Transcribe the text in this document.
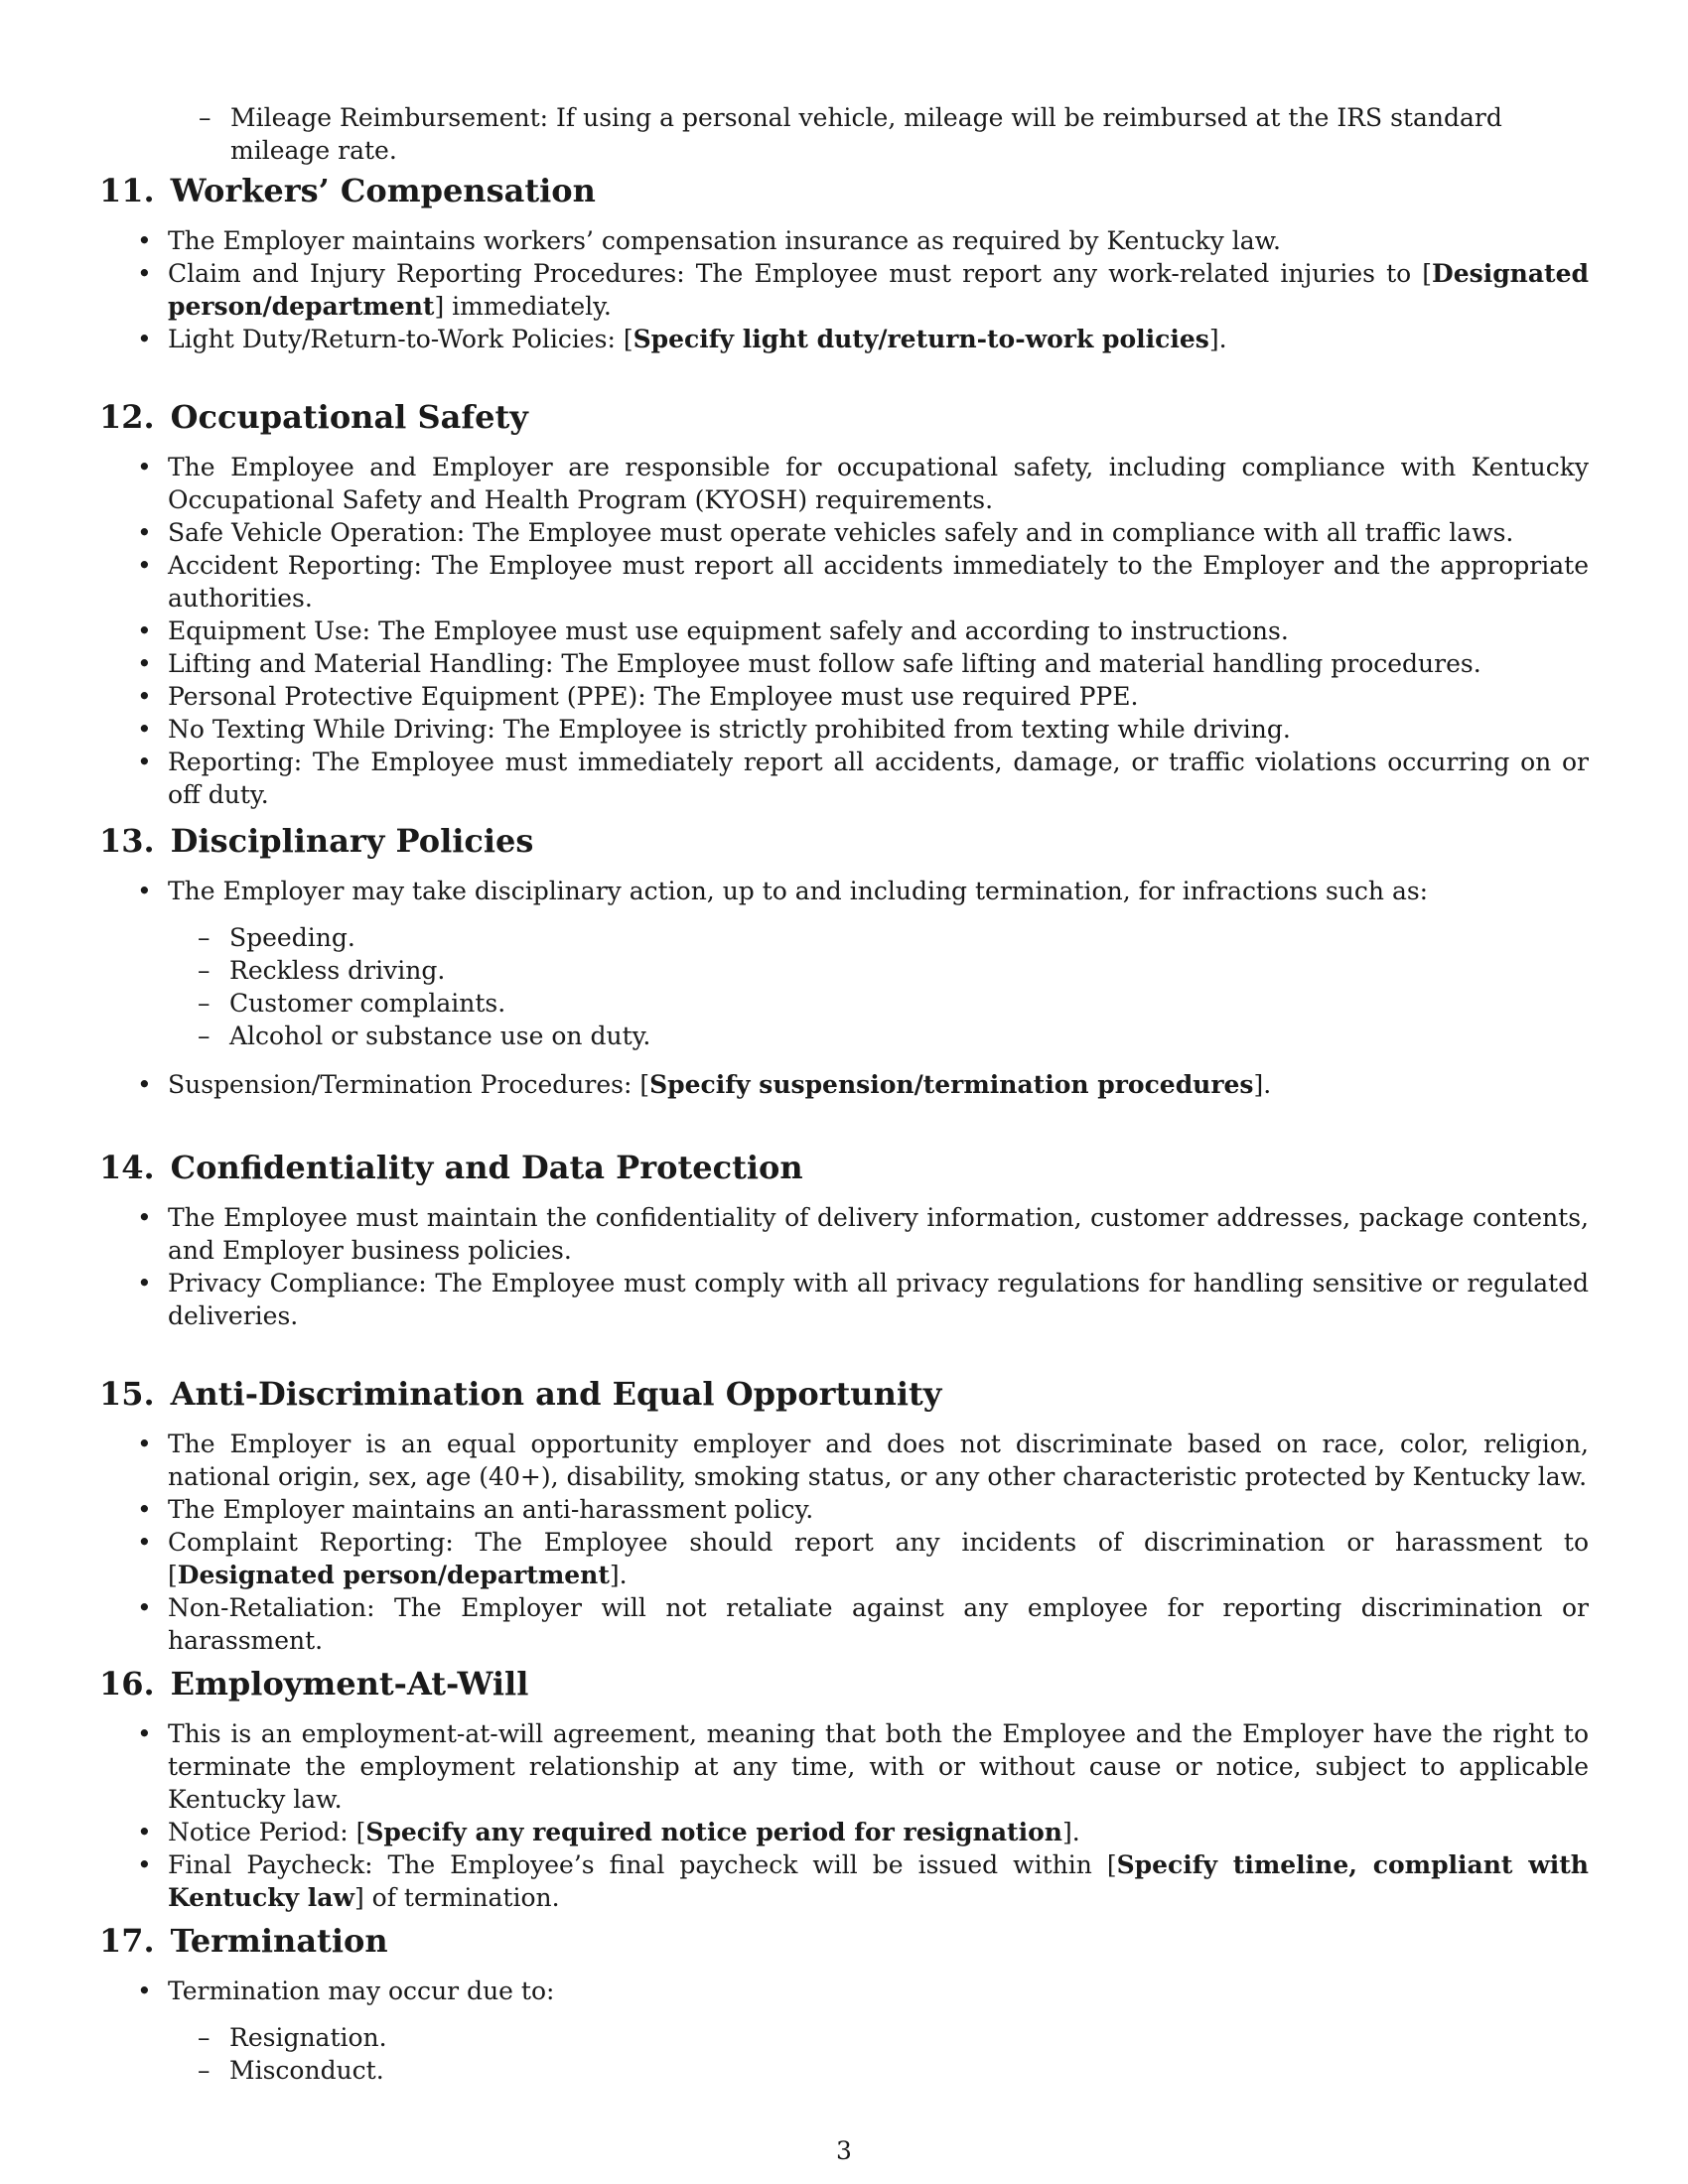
– Mileage Reimbursement: If using a personal vehicle, mileage will be reimbursed at the IRS standard mileage rate.
11. Workers’ Compensation
• The Employer maintains workers’ compensation insurance as required by Kentucky law.
• Claim and Injury Reporting Procedures: The Employee must report any work-related injuries to [Designated person/department] immediately.
• Light Duty/Return-to-Work Policies: [Specify light duty/return-to-work policies].
12. Occupational Safety
• The Employee and Employer are responsible for occupational safety, including compliance with Kentucky Occupational Safety and Health Program (KYOSH) requirements.
• Safe Vehicle Operation: The Employee must operate vehicles safely and in compliance with all traffic laws.
• Accident Reporting: The Employee must report all accidents immediately to the Employer and the appropriate authorities.
• Equipment Use: The Employee must use equipment safely and according to instructions.
• Lifting and Material Handling: The Employee must follow safe lifting and material handling procedures.
• Personal Protective Equipment (PPE): The Employee must use required PPE.
• No Texting While Driving: The Employee is strictly prohibited from texting while driving.
• Reporting: The Employee must immediately report all accidents, damage, or traffic violations occurring on or off duty.
13. Disciplinary Policies
• The Employer may take disciplinary action, up to and including termination, for infractions such as:
– Speeding.
– Reckless driving.
– Customer complaints.
– Alcohol or substance use on duty.
• Suspension/Termination Procedures: [Specify suspension/termination procedures].
14. Confidentiality and Data Protection
• The Employee must maintain the confidentiality of delivery information, customer addresses, package contents, and Employer business policies.
• Privacy Compliance: The Employee must comply with all privacy regulations for handling sensitive or regulated deliveries.
15. Anti-Discrimination and Equal Opportunity
• The Employer is an equal opportunity employer and does not discriminate based on race, color, religion, national origin, sex, age (40+), disability, smoking status, or any other characteristic protected by Kentucky law.
• The Employer maintains an anti-harassment policy.
• Complaint Reporting: The Employee should report any incidents of discrimination or harassment to [Designated person/department].
• Non-Retaliation: The Employer will not retaliate against any employee for reporting discrimination or harassment.
16. Employment-At-Will
• This is an employment-at-will agreement, meaning that both the Employee and the Employer have the right to terminate the employment relationship at any time, with or without cause or notice, subject to applicable Kentucky law.
• Notice Period: [Specify any required notice period for resignation].
• Final Paycheck: The Employee’s final paycheck will be issued within [Specify timeline, compliant with Kentucky law] of termination.
17. Termination
• Termination may occur due to:
– Resignation.
– Misconduct.
3
